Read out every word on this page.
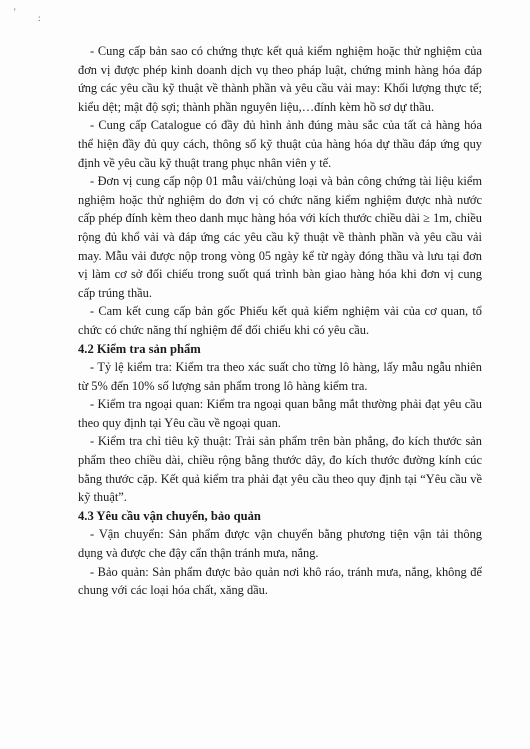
'
:

- Cung cấp bản sao có chứng thực kết quả kiểm nghiệm hoặc thử nghiệm của đơn vị được phép kinh doanh dịch vụ theo pháp luật, chứng minh hàng hóa đáp ứng các yêu cầu kỹ thuật về thành phần và yêu cầu vải may: Khối lượng thực tế; kiểu dệt; mật độ sợi; thành phần nguyên liệu,…đính kèm hồ sơ dự thầu.

- Cung cấp Catalogue có đầy đủ hình ảnh đúng màu sắc của tất cả hàng hóa thể hiện đầy đủ quy cách, thông số kỹ thuật của hàng hóa dự thầu đáp ứng quy định về yêu cầu kỹ thuật trang phục nhân viên y tế.

- Đơn vị cung cấp nộp 01 mẫu vải/chủng loại và bản công chứng tài liệu kiểm nghiệm hoặc thử nghiệm do đơn vị có chức năng kiểm nghiệm được nhà nước cấp phép đính kèm theo danh mục hàng hóa với kích thước chiều dài ≥ 1m, chiều rộng đủ khổ vải và đáp ứng các yêu cầu kỹ thuật về thành phần và yêu cầu vải may. Mẫu vải được nộp trong vòng 05 ngày kể từ ngày đóng thầu và lưu tại đơn vị làm cơ sở đối chiếu trong suốt quá trình bàn giao hàng hóa khi đơn vị cung cấp trúng thầu.

- Cam kết cung cấp bản gốc Phiếu kết quả kiểm nghiệm vải của cơ quan, tổ chức có chức năng thí nghiệm để đối chiếu khi có yêu cầu.

4.2 Kiểm tra sản phẩm

- Tỷ lệ kiểm tra: Kiểm tra theo xác suất cho từng lô hàng, lấy mẫu ngẫu nhiên từ 5% đến 10% số lượng sản phẩm trong lô hàng kiểm tra.

- Kiểm tra ngoại quan: Kiểm tra ngoại quan bằng mắt thường phải đạt yêu cầu theo quy định tại Yêu cầu về ngoại quan.

- Kiểm tra chỉ tiêu kỹ thuật: Trải sản phẩm trên bàn phẳng, đo kích thước sản phẩm theo chiều dài, chiều rộng bằng thước dây, đo kích thước đường kính cúc bằng thước cặp. Kết quả kiểm tra phải đạt yêu cầu theo quy định tại “Yêu cầu về kỹ thuật”.

4.3 Yêu cầu vận chuyển, bảo quản

- Vận chuyển: Sản phẩm được vận chuyển bằng phương tiện vận tải thông dụng và được che đậy cẩn thận tránh mưa, nắng.

- Bảo quản: Sản phẩm được bảo quản nơi khô ráo, tránh mưa, nắng, không để chung với các loại hóa chất, xăng dầu.
